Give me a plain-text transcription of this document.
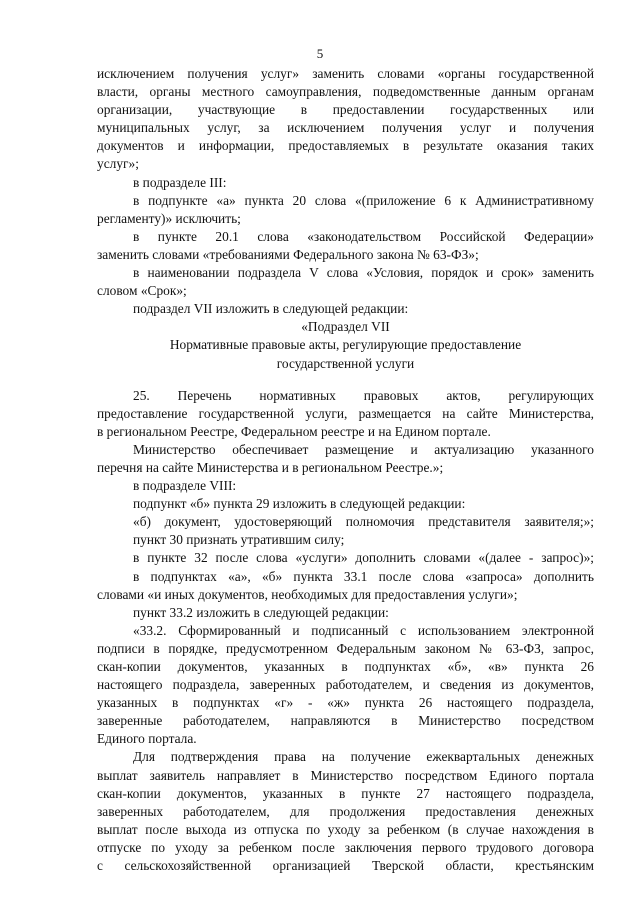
5
исключением получения услуг» заменить словами «органы государственной
власти, органы местного самоуправления, подведомственные данным органам
организации, участвующие в предоставлении государственных или
муниципальных услуг, за исключением получения услуг и получения
документов и информации, предоставляемых в результате оказания таких
услуг»;
в подразделе III:
в подпункте «а» пункта 20 слова «(приложение 6 к Административному
регламенту)» исключить;
в пункте 20.1 слова «законодательством Российской Федерации»
заменить словами «требованиями Федерального закона № 63-ФЗ»;
в наименовании подраздела V слова «Условия, порядок и срок» заменить
словом «Срок»;
подраздел VII изложить в следующей редакции:
«Подраздел VII
Нормативные правовые акты, регулирующие предоставление
государственной услуги
25. Перечень нормативных правовых актов, регулирующих
предоставление государственной услуги, размещается на сайте Министерства,
в региональном Реестре, Федеральном реестре и на Едином портале.
Министерство обеспечивает размещение и актуализацию указанного
перечня на сайте Министерства и в региональном Реестре.»;
в подразделе VIII:
подпункт «б» пункта 29 изложить в следующей редакции:
«б) документ, удостоверяющий полномочия представителя заявителя;»;
пункт 30 признать утратившим силу;
в пункте 32 после слова «услуги» дополнить словами «(далее - запрос)»;
в подпунктах «а», «б» пункта 33.1 после слова «запроса» дополнить
словами «и иных документов, необходимых для предоставления услуги»;
пункт 33.2 изложить в следующей редакции:
«33.2. Сформированный и подписанный с использованием электронной
подписи в порядке, предусмотренном Федеральным законом № 63-ФЗ, запрос,
скан-копии документов, указанных в подпунктах «б», «в» пункта 26
настоящего подраздела, заверенных работодателем, и сведения из документов,
указанных в подпунктах «г» - «ж» пункта 26 настоящего подраздела,
заверенные работодателем, направляются в Министерство посредством
Единого портала.
Для подтверждения права на получение ежеквартальных денежных
выплат заявитель направляет в Министерство посредством Единого портала
скан-копии документов, указанных в пункте 27 настоящего подраздела,
заверенных работодателем, для продолжения предоставления денежных
выплат после выхода из отпуска по уходу за ребенком (в случае нахождения в
отпуске по уходу за ребенком после заключения первого трудового договора
с сельскохозяйственной организацией Тверской области, крестьянским
